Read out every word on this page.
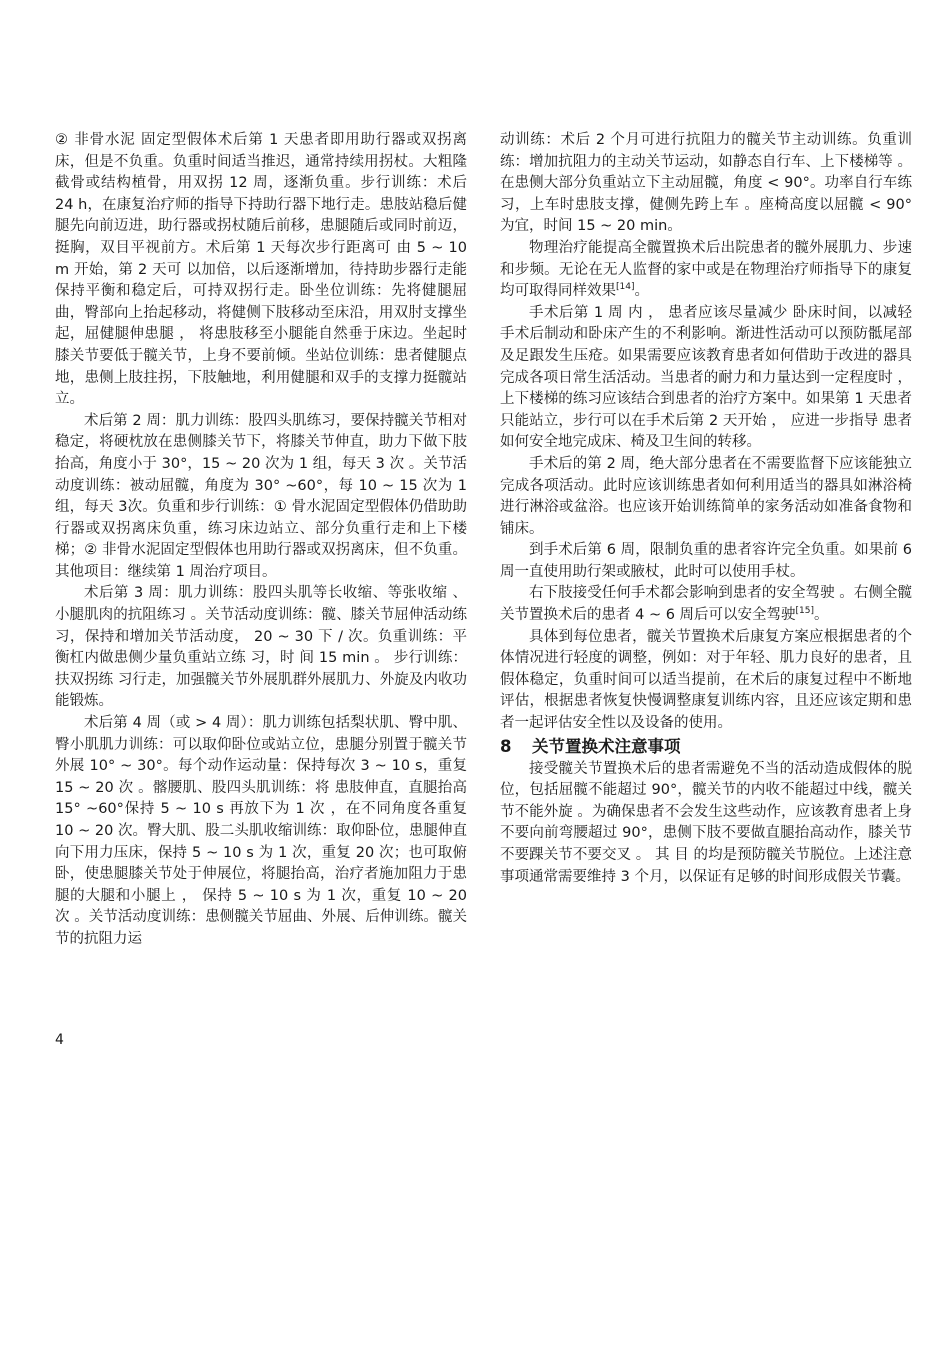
② 非骨水泥 固定型假体术后第 1 天患者即用助行器或双拐离床，但是不负重。负重时间适当推迟，通常持续用拐杖。大粗隆截骨或结构植骨，用双拐 12 周，逐渐负重。步行训练：术后 24 h，在康复治疗师的指导下持助行器下地行走。患肢站稳后健腿先向前迈进，助行器或拐杖随后前移，患腿随后或同时前迈，挺胸，双目平视前方。术后第 1 天每次步行距离可 由 5 ~ 10 m 开始，第 2 天可 以加倍，以后逐渐增加，待持助步器行走能保持平衡和稳定后，可持双拐行走。卧坐位训练：先将健腿屈曲，臀部向上抬起移动，将健侧下肢移动至床沿，用双肘支撑坐起，屈健腿伸患腿 ， 将患肢移至小腿能自然垂于床边。坐起时膝关节要低于髋关节，上身不要前倾。坐站位训练：患者健腿点地，患侧上肢拄拐，下肢触地，利用健腿和双手的支撑力挺髋站立。

术后第 2 周：肌力训练：股四头肌练习，要保持髋关节相对稳定，将硬枕放在患侧膝关节下，将膝关节伸直，助力下做下肢抬高，角度小于 30°，15 ~ 20 次为 1 组，每天 3 次 。关节活动度训练：被动屈髋，角度为 30° ~60°，每 10 ~ 15 次为 1 组，每天 3次。负重和步行训练：① 骨水泥固定型假体仍借助助行器或双拐离床负重，练习床边站立、部分负重行走和上下楼梯；② 非骨水泥固定型假体也用助行器或双拐离床，但不负重。其他项目：继续第 1 周治疗项目。

术后第 3 周：肌力训练：股四头肌等长收缩、等张收缩 、小腿肌肉的抗阻练习 。关节活动度训练：髋、膝关节屈伸活动练习，保持和增加关节活动度， 20 ~ 30 下 / 次。负重训练：平衡杠内做患侧少量负重站立练 习，时 间 15 min 。 步行训练：扶双拐练 习行走，加强髋关节外展肌群外展肌力、外旋及内收功能锻炼。

术后第 4 周（或 > 4 周）：肌力训练包括梨状肌、臀中肌、臀小肌肌力训练：可以取仰卧位或站立位，患腿分别置于髋关节外展 10° ~ 30°。每个动作运动量：保持每次 3 ~ 10 s，重复 15 ~ 20 次 。髂腰肌、股四头肌训练：将 患肢伸直，直腿抬高 15° ~60°保持 5 ~ 10 s 再放下为 1 次 ，在不同角度各重复 10 ~ 20 次。臀大肌、股二头肌收缩训练：取仰卧位，患腿伸直向下用力压床，保持 5 ~ 10 s 为 1 次，重复 20 次；也可取俯卧，使患腿膝关节处于伸展位，将腿抬高，治疗者施加阻力于患腿的大腿和小腿上 ， 保持 5 ~ 10 s 为 1 次，重复 10 ~ 20 次 。关节活动度训练：患侧髋关节屈曲、外展、后伸训练。髋关节的抗阻力运

动训练：术后 2 个月可进行抗阻力的髋关节主动训练。负重训练：增加抗阻力的主动关节运动，如静态自行车、上下楼梯等 。在患侧大部分负重站立下主动屈髋，角度 < 90°。功率自行车练习，上车时患肢支撑，健侧先跨上车 。座椅高度以屈髋 < 90° 为宜，时间 15 ~ 20 min。

物理治疗能提高全髋置换术后出院患者的髋外展肌力、步速和步频。无论在无人监督的家中或是在物理治疗师指导下的康复均可取得同样效果[14]。

手术后第 1 周 内 ， 患者应该尽量减少 卧床时间，以减轻手术后制动和卧床产生的不利影响。渐进性活动可以预防骶尾部及足跟发生压疮。如果需要应该教育患者如何借助于改进的器具完成各项日常生活活动。当患者的耐力和力量达到一定程度时 ， 上下楼梯的练习应该结合到患者的治疗方案中。如果第 1 天患者只能站立，步行可以在手术后第 2 天开始 ， 应进一步指导 患者如何安全地完成床、椅及卫生间的转移。

手术后的第 2 周，绝大部分患者在不需要监督下应该能独立完成各项活动。此时应该训练患者如何利用适当的器具如淋浴椅进行淋浴或盆浴。也应该开始训练简单的家务活动如准备食物和铺床。

到手术后第 6 周，限制负重的患者容许完全负重。如果前 6 周一直使用助行架或腋杖，此时可以使用手杖。

右下肢接受任何手术都会影响到患者的安全驾驶 。右侧全髋关节置换术后的患者 4 ~ 6 周后可以安全驾驶[15]。

具体到每位患者，髋关节置换术后康复方案应根据患者的个体情况进行轻度的调整，例如：对于年轻、肌力良好的患者，且假体稳定，负重时间可以适当提前，在术后的康复过程中不断地评估，根据患者恢复快慢调整康复训练内容，且还应该定期和患者一起评估安全性以及设备的使用。

8 关节置换术注意事项

接受髋关节置换术后的患者需避免不当的活动造成假体的脱位，包括屈髋不能超过 90°，髋关节的内收不能超过中线，髋关节不能外旋 。为确保患者不会发生这些动作，应该教育患者上身不要向前弯腰超过 90°，患侧下肢不要做直腿抬高动作，膝关节不要踝关节不要交叉 。 其 目 的均是预防髋关节脱位。上述注意事项通常需要维持 3 个月，以保证有足够的时间形成假关节囊。

4
